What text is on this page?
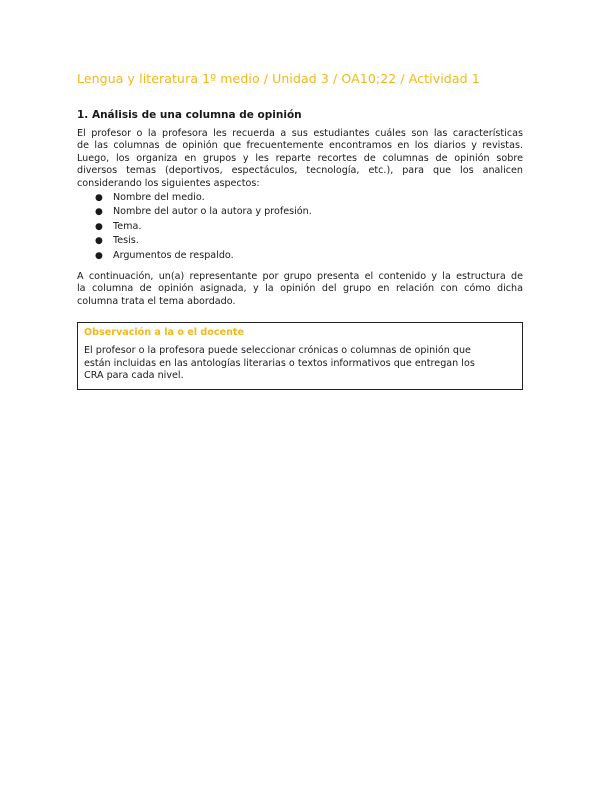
Lengua y literatura 1º medio / Unidad 3 / OA10;22 / Actividad 1
1. Análisis de una columna de opinión

El profesor o la profesora les recuerda a sus estudiantes cuáles son las características
de las columnas de opinión que frecuentemente encontramos en los diarios y revistas.
Luego, los organiza en grupos y les reparte recortes de columnas de opinión sobre
diversos temas (deportivos, espectáculos, tecnología, etc.), para que los analicen
considerando los siguientes aspectos:

● Nombre del medio.
● Nombre del autor o la autora y profesión.
● Tema.
● Tesis.
● Argumentos de respaldo.

A continuación, un(a) representante por grupo presenta el contenido y la estructura de
la columna de opinión asignada, y la opinión del grupo en relación con cómo dicha
columna trata el tema abordado.

Observación a la o el docente
El profesor o la profesora puede seleccionar crónicas o columnas de opinión que
están incluidas en las antologías literarias o textos informativos que entregan los
CRA para cada nivel.
